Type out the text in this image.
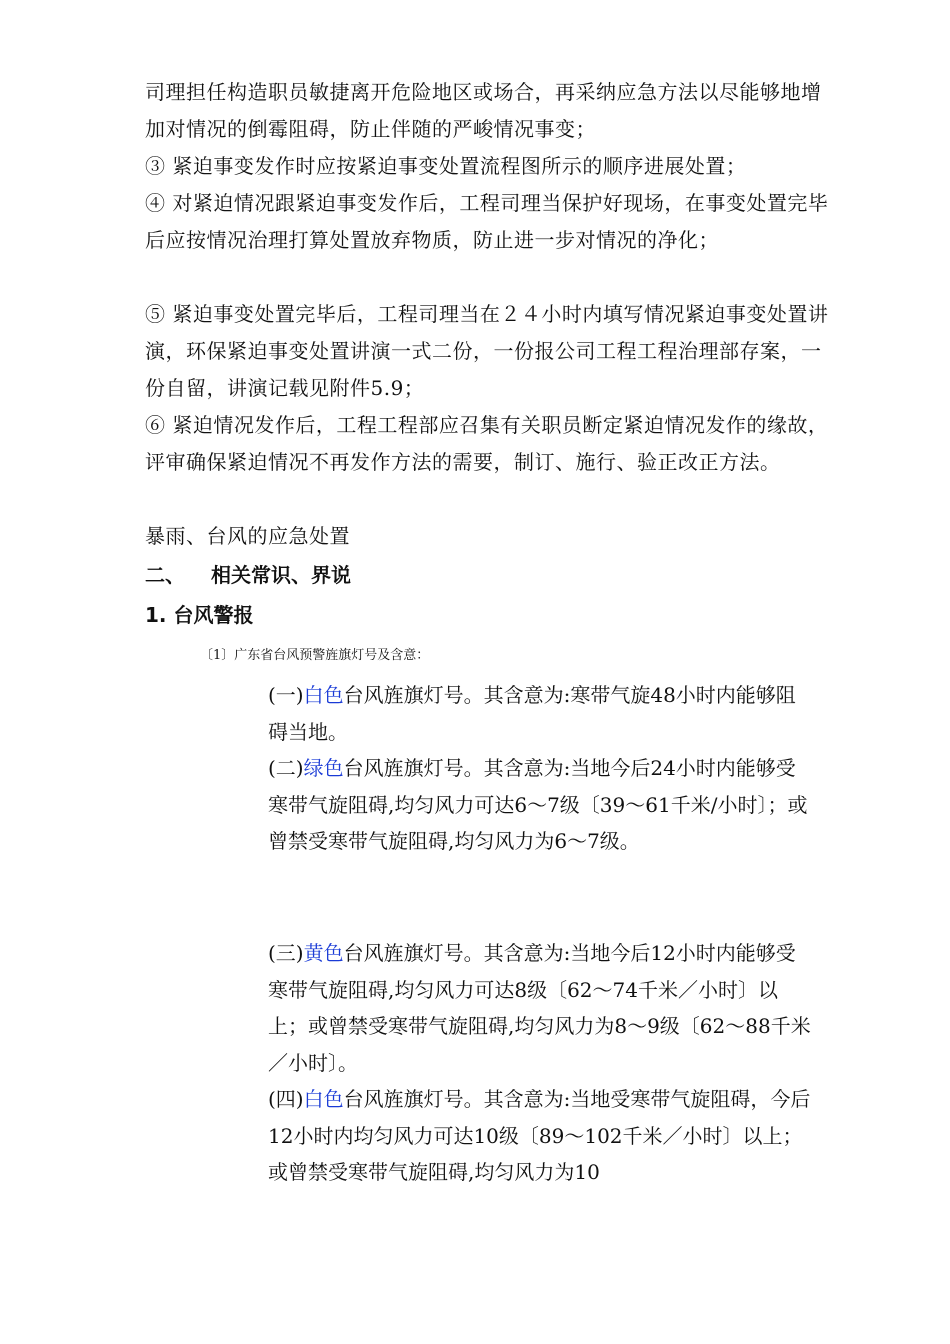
司理担任构造职员敏捷离开危险地区或场合，再采纳应急方法以尽能够地增加对情况的倒霉阻碍，防止伴随的严峻情况事变；

③ 紧迫事变发作时应按紧迫事变处置流程图所示的顺序进展处置；

④ 对紧迫情况跟紧迫事变发作后，工程司理当保护好现场，在事变处置完毕后应按情况治理打算处置放弃物质，防止进一步对情况的净化；

⑤ 紧迫事变处置完毕后，工程司理当在２４小时内填写情况紧迫事变处置讲演，环保紧迫事变处置讲演一式二份，一份报公司工程工程治理部存案，一份自留，讲演记载见附件5.9；

⑥ 紧迫情况发作后，工程工程部应召集有关职员断定紧迫情况发作的缘故，评审确保紧迫情况不再发作方法的需要，制订、施行、验正改正方法。

暴雨、台风的应急处置

二、 相关常识、界说

1. 台风警报

〔1〕广东省台风预警旌旗灯号及含意：

(一)白色台风旌旗灯号。其含意为:寒带气旋48小时内能够阻碍当地。

(二)绿色台风旌旗灯号。其含意为:当地今后24小时内能够受寒带气旋阻碍,均匀风力可达6～7级〔39～61千米/小时〕；或曾禁受寒带气旋阻碍,均匀风力为6～7级。

(三)黄色台风旌旗灯号。其含意为:当地今后12小时内能够受寒带气旋阻碍,均匀风力可达8级〔62～74千米／小时〕以上；或曾禁受寒带气旋阻碍,均匀风力为8～9级〔62～88千米／小时〕。

(四)白色台风旌旗灯号。其含意为:当地受寒带气旋阻碍，今后12小时内均匀风力可达10级〔89～102千米／小时〕以上；或曾禁受寒带气旋阻碍,均匀风力为10
